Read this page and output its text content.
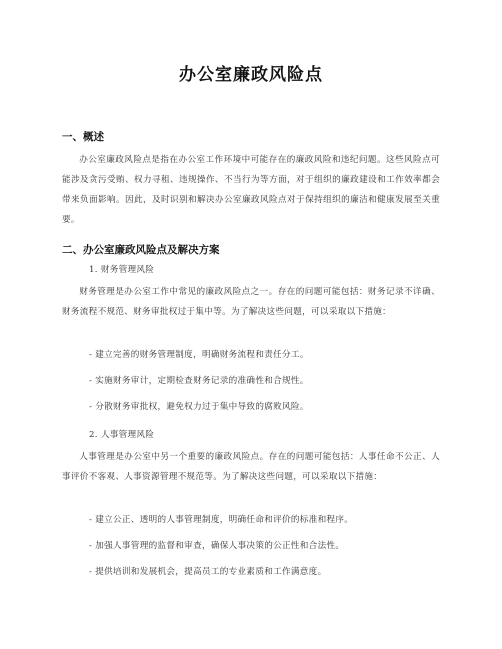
办公室廉政风险点
一、概述
办公室廉政风险点是指在办公室工作环境中可能存在的廉政风险和违纪问题。这些风险点可能涉及贪污受贿、权力寻租、违规操作、不当行为等方面，对于组织的廉政建设和工作效率都会带来负面影响。因此，及时识别和解决办公室廉政风险点对于保持组织的廉洁和健康发展至关重要。
二、办公室廉政风险点及解决方案
1. 财务管理风险
财务管理是办公室工作中常见的廉政风险点之一。存在的问题可能包括：财务记录不详确、财务流程不规范、财务审批权过于集中等。为了解决这些问题，可以采取以下措施：
- 建立完善的财务管理制度，明确财务流程和责任分工。
- 实施财务审计，定期检查财务记录的准确性和合规性。
- 分散财务审批权，避免权力过于集中导致的腐败风险。
2. 人事管理风险
人事管理是办公室中另一个重要的廉政风险点。存在的问题可能包括：人事任命不公正、人事评价不客观、人事资源管理不规范等。为了解决这些问题，可以采取以下措施：
- 建立公正、透明的人事管理制度，明确任命和评价的标准和程序。
- 加强人事管理的监督和审查，确保人事决策的公正性和合法性。
- 提供培训和发展机会，提高员工的专业素质和工作满意度。
